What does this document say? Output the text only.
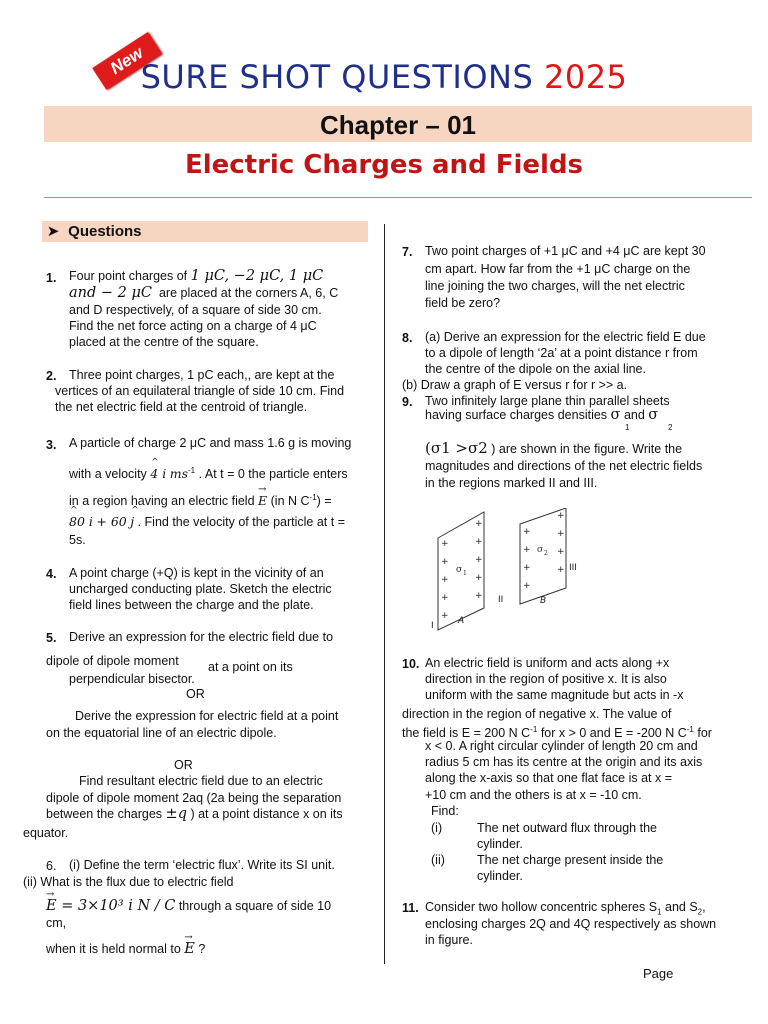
SURE SHOT QUESTIONS 2025
New
Chapter – 01
Electric Charges and Fields
➤ Questions
1. Four point charges of 1 μC, −2 μC, 1 μC
and − 2 μC are placed at the corners A, 6, C
and D respectively, of a square of side 30 cm.
Find the net force acting on a charge of 4 μC
placed at the centre of the square.
2. Three point charges, 1 pC each,, are kept at the
vertices of an equilateral triangle of side 10 cm. Find
the net electric field at the centroid of triangle.
3. A particle of charge 2 μC and mass 1.6 g is moving
with a velocity ^ 4 i $ms^{-1}$ . At t = 0 the particle enters
in a region having an electric field → E (in N $C^{-1}$) =
^ 80 i + 60 ^ j . Find the velocity of the particle at t =
5s.
4. A point charge (+Q) is kept in the vicinity of an
uncharged conducting plate. Sketch the electric
field lines between the charge and the plate.
5. Derive an expression for the electric field due to
dipole of dipole moment at a point on its
perpendicular bisector.
OR
Derive the expression for electric field at a point
on the equatorial line of an electric dipole.
OR
Find resultant electric field due to an electric
dipole of dipole moment 2aq (2a being the separation
between the charges ±q ) at a point distance x on its
equator.
6. (i) Define the term ‘electric flux’. Write its SI unit.
(ii) What is the flux due to electric field
→ E = 3×10³ i N / C through a square of side 10
cm,
when it is held normal to → E ?
7. Two point charges of +1 μC and +4 μC are kept 30
cm apart. How far from the +1 μC charge on the
line joining the two charges, will the net electric
field be zero?
8. (a) Derive an expression for the electric field E due
to a dipole of length ‘2a’ at a point distance r from
the centre of the dipole on the axial line.
(b) Draw a graph of E versus r for r >> a.
9. Two infinitely large plane thin parallel sheets
having surface charges densities σ and σ
1	2
(σ1 >σ2 ) are shown in the figure. Write the
magnitudes and directions of the net electric fields
in the regions marked II and III.
+
+
+
+
+
+
+
+
+
+
+
+
+
+
+
+
+
+
σ 1
σ 2
I
II
III
A
B
10. An electric field is uniform and acts along +x
direction in the region of positive x. It is also
uniform with the same magnitude but acts in -x
direction in the region of negative x. The value of
the field is E = 200 N $C^{-1}$ for x > 0 and E = -200 N $C^{-1}$ for
x < 0. A right circular cylinder of length 20 cm and
radius 5 cm has its centre at the origin and its axis
along the x-axis so that one flat face is at x =
+10 cm and the others is at x = -10 cm.
Find:
(i)	The net outward flux through the
cylinder.
(ii)	The net charge present inside the
cylinder.
11. Consider two hollow concentric spheres $S_1$ and $S_2$,
enclosing charges 2Q and 4Q respectively as shown
in figure.
Page
